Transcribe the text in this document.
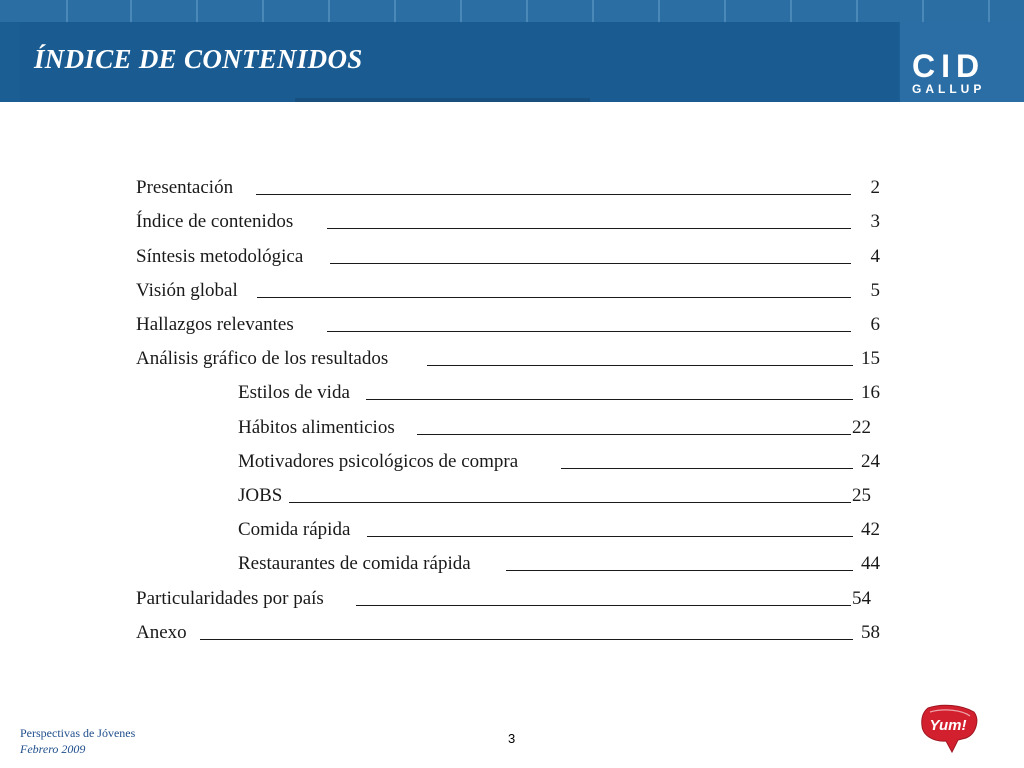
ÍNDICE DE CONTENIDOS	CID
GALLUP
Presentación	2
Índice de contenidos	3
Síntesis metodológica	4
Visión global	5
Hallazgos relevantes	6
Análisis gráfico de los resultados	15
Estilos de vida	16
Hábitos alimenticios	22
Motivadores psicológicos de compra	24
JOBS	25
Comida rápida	42
Restaurantes de comida rápida	44
Particularidades por país	54
Anexo	58
Perspectivas de Jóvenes
Febrero 2009
3
Yum!
